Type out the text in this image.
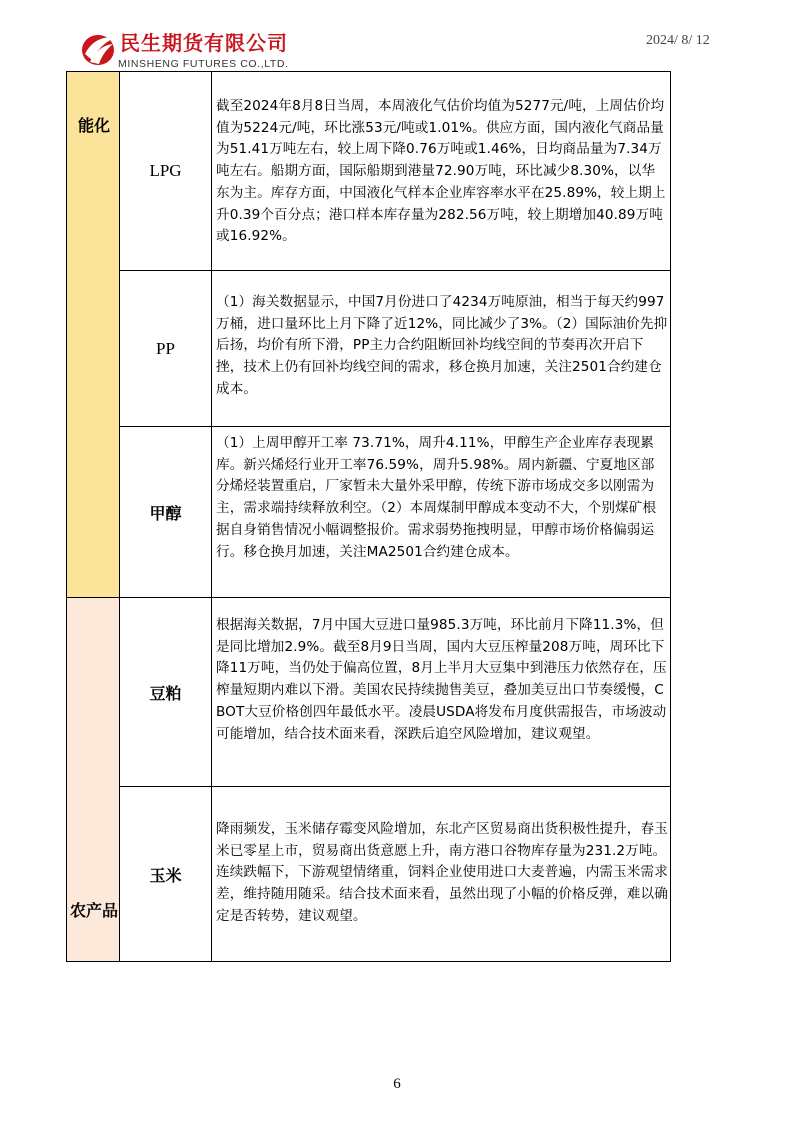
民生期货有限公司
MINSHENG FUTURES CO.,LTD.
2024/ 8/ 12
能化
农产品
LPG
截至2024年8月8日当周，本周液化气估价均值为5277元/吨，上周估价均值为5224元/吨，环比涨53元/吨或1.01%。供应方面，国内液化气商品量为51.41万吨左右，较上周下降0.76万吨或1.46%，日均商品量为7.34万吨左右。船期方面，国际船期到港量72.90万吨，环比减少8.30%，以华东为主。库存方面，中国液化气样本企业库容率水平在25.89%，较上期上升0.39个百分点；港口样本库存量为282.56万吨，较上期增加40.89万吨或16.92%。
PP
（1）海关数据显示，中国7月份进口了4234万吨原油，相当于每天约997万桶，进口量环比上月下降了近12%，同比减少了3%。（2）国际油价先抑后扬，均价有所下滑，PP主力合约阻断回补均线空间的节奏再次开启下挫，技术上仍有回补均线空间的需求，移仓换月加速，关注2501合约建仓成本。
甲醇
（1）上周甲醇开工率 73.71%，周升4.11%，甲醇生产企业库存表现累库。新兴烯烃行业开工率76.59%，周升5.98%。周内新疆、宁夏地区部分烯烃装置重启，厂家暂未大量外采甲醇，传统下游市场成交多以刚需为主，需求端持续释放利空。（2）本周煤制甲醇成本变动不大，个别煤矿根据自身销售情况小幅调整报价。需求弱势拖拽明显，甲醇市场价格偏弱运行。移仓换月加速，关注MA2501合约建仓成本。
豆粕
根据海关数据，7月中国大豆进口量985.3万吨，环比前月下降11.3%，但是同比增加2.9%。截至8月9日当周，国内大豆压榨量208万吨，周环比下降11万吨，当仍处于偏高位置，8月上半月大豆集中到港压力依然存在，压榨量短期内难以下滑。美国农民持续抛售美豆，叠加美豆出口节奏缓慢，CBOT大豆价格创四年最低水平。凌晨USDA将发布月度供需报告，市场波动可能增加，结合技术面来看，深跌后追空风险增加，建议观望。
玉米
降雨频发，玉米储存霉变风险增加，东北产区贸易商出货积极性提升，春玉米已零星上市，贸易商出货意愿上升，南方港口谷物库存量为231.2万吨。连续跌幅下，下游观望情绪重，饲料企业使用进口大麦普遍，内需玉米需求差，维持随用随采。结合技术面来看，虽然出现了小幅的价格反弹，难以确定是否转势，建议观望。
6
